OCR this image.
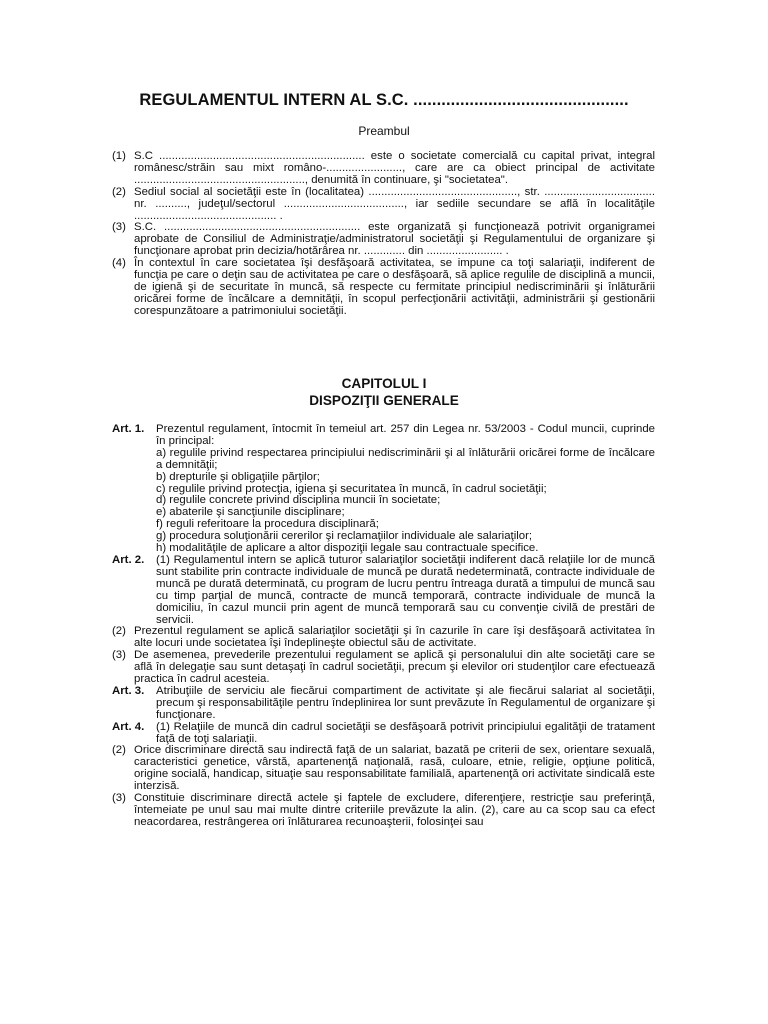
REGULAMENTUL INTERN AL S.C. ..............................................
Preambul
(1) S.C ................................................................. este o societate comercială cu capital privat, integral românesc/străin sau mixt româno-........................, care are ca obiect principal de activitate ......................................................, denumită în continuare, şi "societatea".
(2) Sediul social al societăţii este în (localitatea) ..............................................., str. ................................... nr. .........., judeţul/sectorul ......................................, iar sediile secundare se află în localităţile ............................................. .
(3) S.C. .............................................................. este organizată şi funcţionează potrivit organigramei aprobate de Consiliul de Administraţie/administratorul societăţii şi Regulamentului de organizare şi funcţionare aprobat prin decizia/hotărârea nr. ............. din ........................ .
(4) În contextul în care societatea îşi desfăşoară activitatea, se impune ca toţi salariaţii, indiferent de funcţia pe care o deţin sau de activitatea pe care o desfăşoară, să aplice regulile de disciplină a muncii, de igienă şi de securitate în muncă, să respecte cu fermitate principiul nediscriminării şi înlăturării oricărei forme de încălcare a demnităţii, în scopul perfecţionării activităţii, administrării şi gestionării corespunzătoare a patrimoniului societăţii.
CAPITOLUL I
DISPOZIŢII GENERALE
Art. 1. Prezentul regulament, întocmit în temeiul art. 257 din Legea nr. 53/2003 - Codul muncii, cuprinde în principal:
a) regulile privind respectarea principiului nediscriminării şi al înlăturării oricărei forme de încălcare a demnităţii;
b) drepturile şi obligaţiile părţilor;
c) regulile privind protecţia, igiena şi securitatea în muncă, în cadrul societăţii;
d) regulile concrete privind disciplina muncii în societate;
e) abaterile şi sancţiunile disciplinare;
f) reguli referitoare la procedura disciplinară;
g) procedura soluţionării cererilor şi reclamaţiilor individuale ale salariaţilor;
h) modalităţile de aplicare a altor dispoziţii legale sau contractuale specifice.
Art. 2. (1) Regulamentul intern se aplică tuturor salariaţilor societăţii indiferent dacă relaţiile lor de muncă sunt stabilite prin contracte individuale de muncă pe durată nedeterminată, contracte individuale de muncă pe durată determinată, cu program de lucru pentru întreaga durată a timpului de muncă sau cu timp parţial de muncă, contracte de muncă temporară, contracte individuale de muncă la domiciliu, în cazul muncii prin agent de muncă temporară sau cu convenţie civilă de prestări de servicii.
(2) Prezentul regulament se aplică salariaţilor societăţii şi în cazurile în care îşi desfăşoară activitatea în alte locuri unde societatea îşi îndeplineşte obiectul său de activitate.
(3) De asemenea, prevederile prezentului regulament se aplică şi personalului din alte societăţi care se află în delegaţie sau sunt detaşaţi în cadrul societăţii, precum şi elevilor ori studenţilor care efectuează practica în cadrul acesteia.
Art. 3. Atribuţiile de serviciu ale fiecărui compartiment de activitate şi ale fiecărui salariat al societăţii, precum şi responsabilităţile pentru îndeplinirea lor sunt prevăzute în Regulamentul de organizare şi funcţionare.
Art. 4. (1) Relaţiile de muncă din cadrul societăţii se desfăşoară potrivit principiului egalităţii de tratament faţă de toţi salariaţii.
(2) Orice discriminare directă sau indirectă faţă de un salariat, bazată pe criterii de sex, orientare sexuală, caracteristici genetice, vârstă, apartenenţă naţională, rasă, culoare, etnie, religie, opţiune politică, origine socială, handicap, situaţie sau responsabilitate familială, apartenenţă ori activitate sindicală este interzisă.
(3) Constituie discriminare directă actele şi faptele de excludere, diferenţiere, restricţie sau preferinţă, întemeiate pe unul sau mai multe dintre criteriile prevăzute la alin. (2), care au ca scop sau ca efect neacordarea, restrângerea ori înlăturarea recunoaşterii, folosinţei sau
